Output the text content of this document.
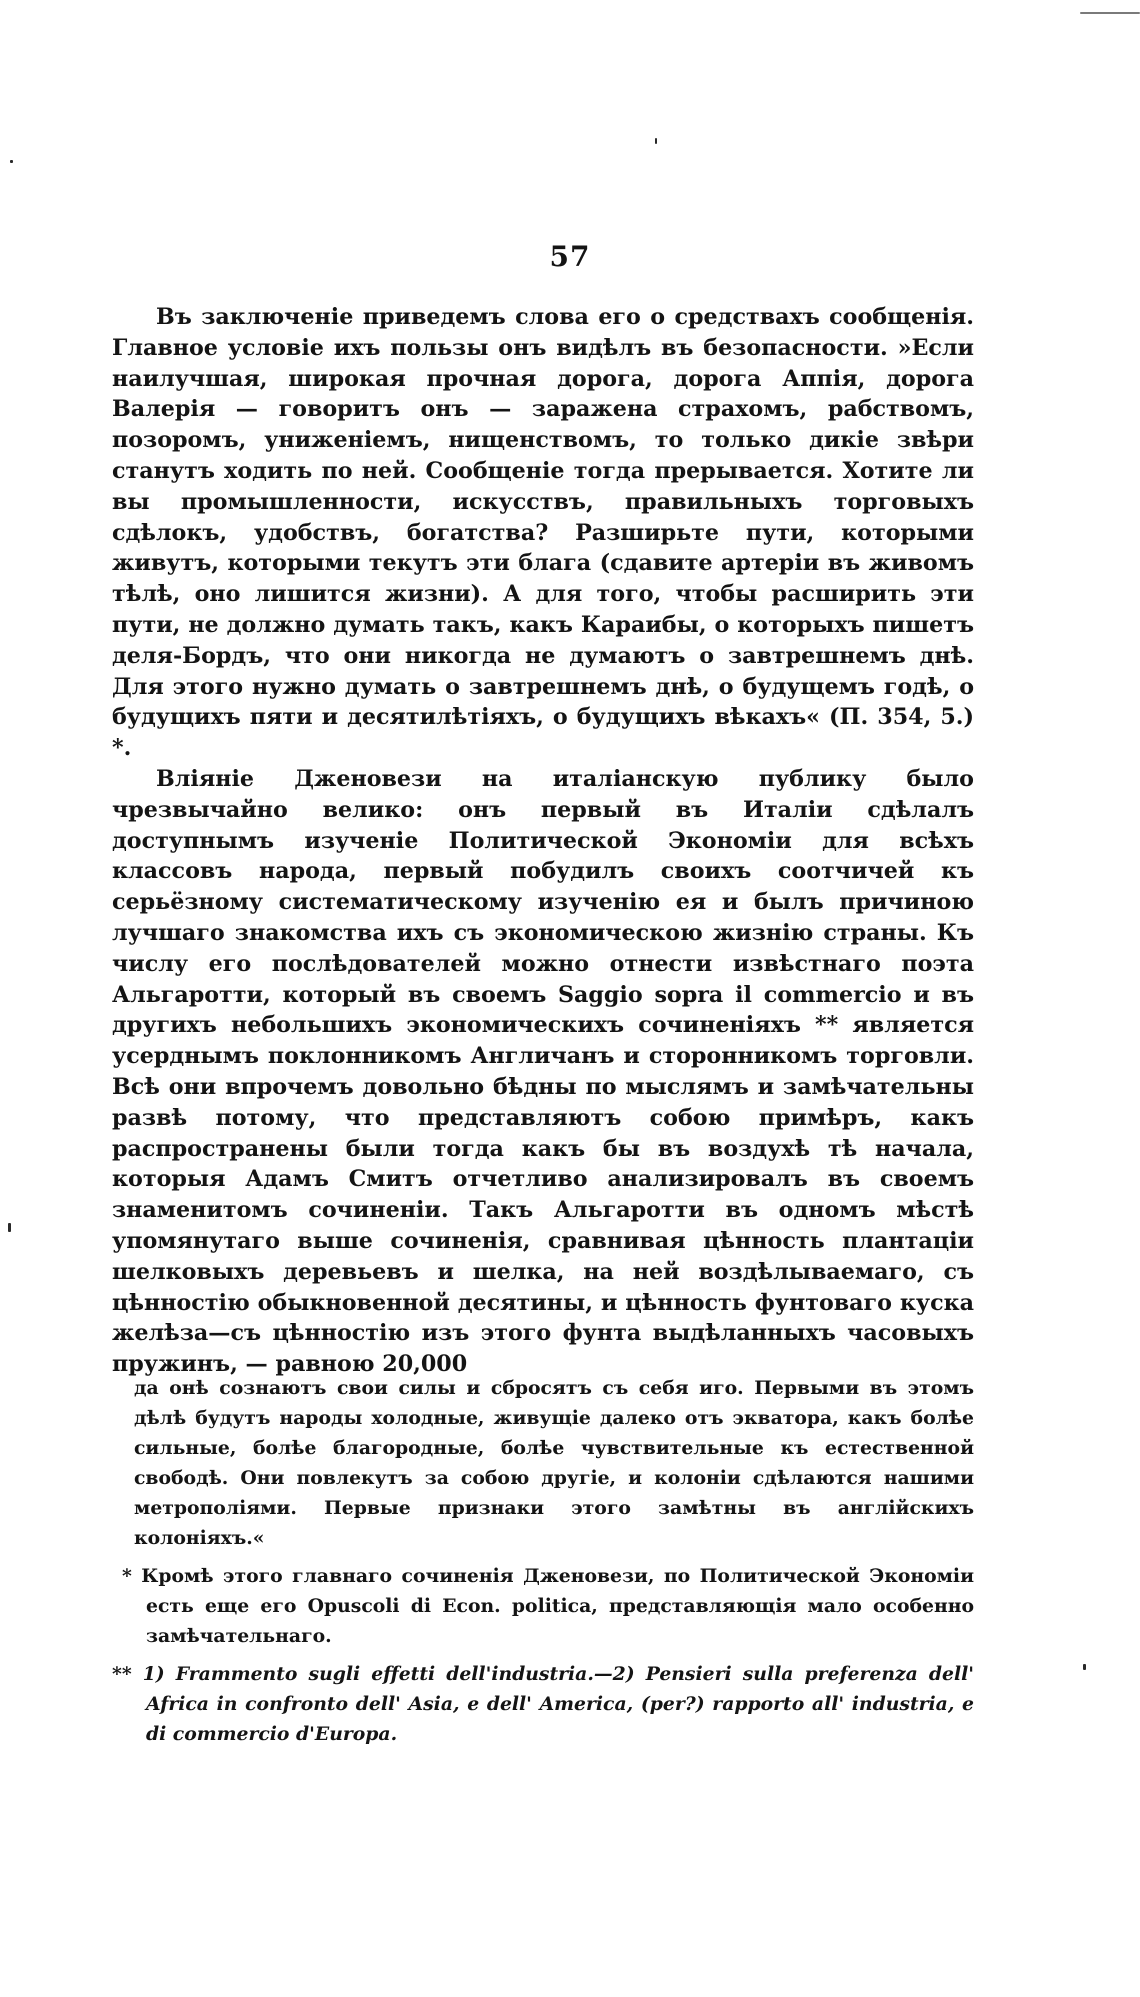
57

Въ заключеніе приведемъ слова его о средствахъ сообщенія. Главное условіе ихъ пользы онъ видѣлъ въ безопасности. »Если наилучшая, широкая прочная дорога, дорога Аппія, дорога Валерія — говоритъ онъ — заражена страхомъ, рабствомъ, позоромъ, униженіемъ, нищенствомъ, то только дикіе звѣри станутъ ходить по ней. Сообщеніе тогда прерывается. Хотите ли вы промышленности, искусствъ, правильныхъ торговыхъ сдѣлокъ, удобствъ, богатства? Разширьте пути, которыми живутъ, которыми текутъ эти блага (сдавите артеріи въ живомъ тѣлѣ, оно лишится жизни). А для того, чтобы расширить эти пути, не должно думать такъ, какъ Караибы, о которыхъ пишетъ деля-Бордъ, что они никогда не думаютъ о завтрешнемъ днѣ. Для этого нужно думать о завтрешнемъ днѣ, о будущемъ годѣ, о будущихъ пяти и десятилѣтіяхъ, о будущихъ вѣкахъ« (П. 354, 5.) *.

Вліяніе Дженовези на италіанскую публику было чрезвычайно велико: онъ первый въ Италіи сдѣлалъ доступнымъ изученіе Политической Экономіи для всѣхъ классовъ народа, первый побудилъ своихъ соотчичей къ серьёзному систематическому изученію ея и былъ причиною лучшаго знакомства ихъ съ экономическою жизнію страны. Къ числу его послѣдователей можно отнести извѣстнаго поэта Альгаротти, который въ своемъ Saggio sopra il commercio и въ другихъ небольшихъ экономическихъ сочиненіяхъ ** является усерднымъ поклонникомъ Англичанъ и сторонникомъ торговли. Всѣ они впрочемъ довольно бѣдны по мыслямъ и замѣчательны развѣ потому, что представляютъ собою примѣръ, какъ распространены были тогда какъ бы въ воздухѣ тѣ начала, которыя Адамъ Смитъ отчетливо анализировалъ въ своемъ знаменитомъ сочиненіи. Такъ Альгаротти въ одномъ мѣстѣ упомянутаго выше сочиненія, сравнивая цѣнность плантаціи шелковыхъ деревьевъ и шелка, на ней воздѣлываемаго, съ цѣнностію обыкновенной десятины, и цѣнность фунтоваго куска желѣза—съ цѣнностію изъ этого фунта выдѣланныхъ часовыхъ пружинъ, — равною 20,000

да онѣ сознаютъ свои силы и сбросятъ съ себя иго. Первыми въ этомъ дѣлѣ будутъ народы холодные, живущіе далеко отъ экватора, какъ болѣе сильные, болѣе благородные, болѣе чувствительные къ естественной свободѣ. Они повлекутъ за собою другіе, и колоніи сдѣлаются нашими метрополіями. Первые признаки этого замѣтны въ англійскихъ колоніяхъ.«

* Кромѣ этого главнаго сочиненія Дженовези, по Политической Экономіи есть еще его Opuscoli di Econ. politica, представляющія мало особенно замѣчательнаго.

** 1) Frammento sugli effetti dell'industria.—2) Pensieri sulla preferenza dell' Africa in confronto dell' Asia, e dell' America, (per?) rapporto all' industria, e di commercio d'Europa.
